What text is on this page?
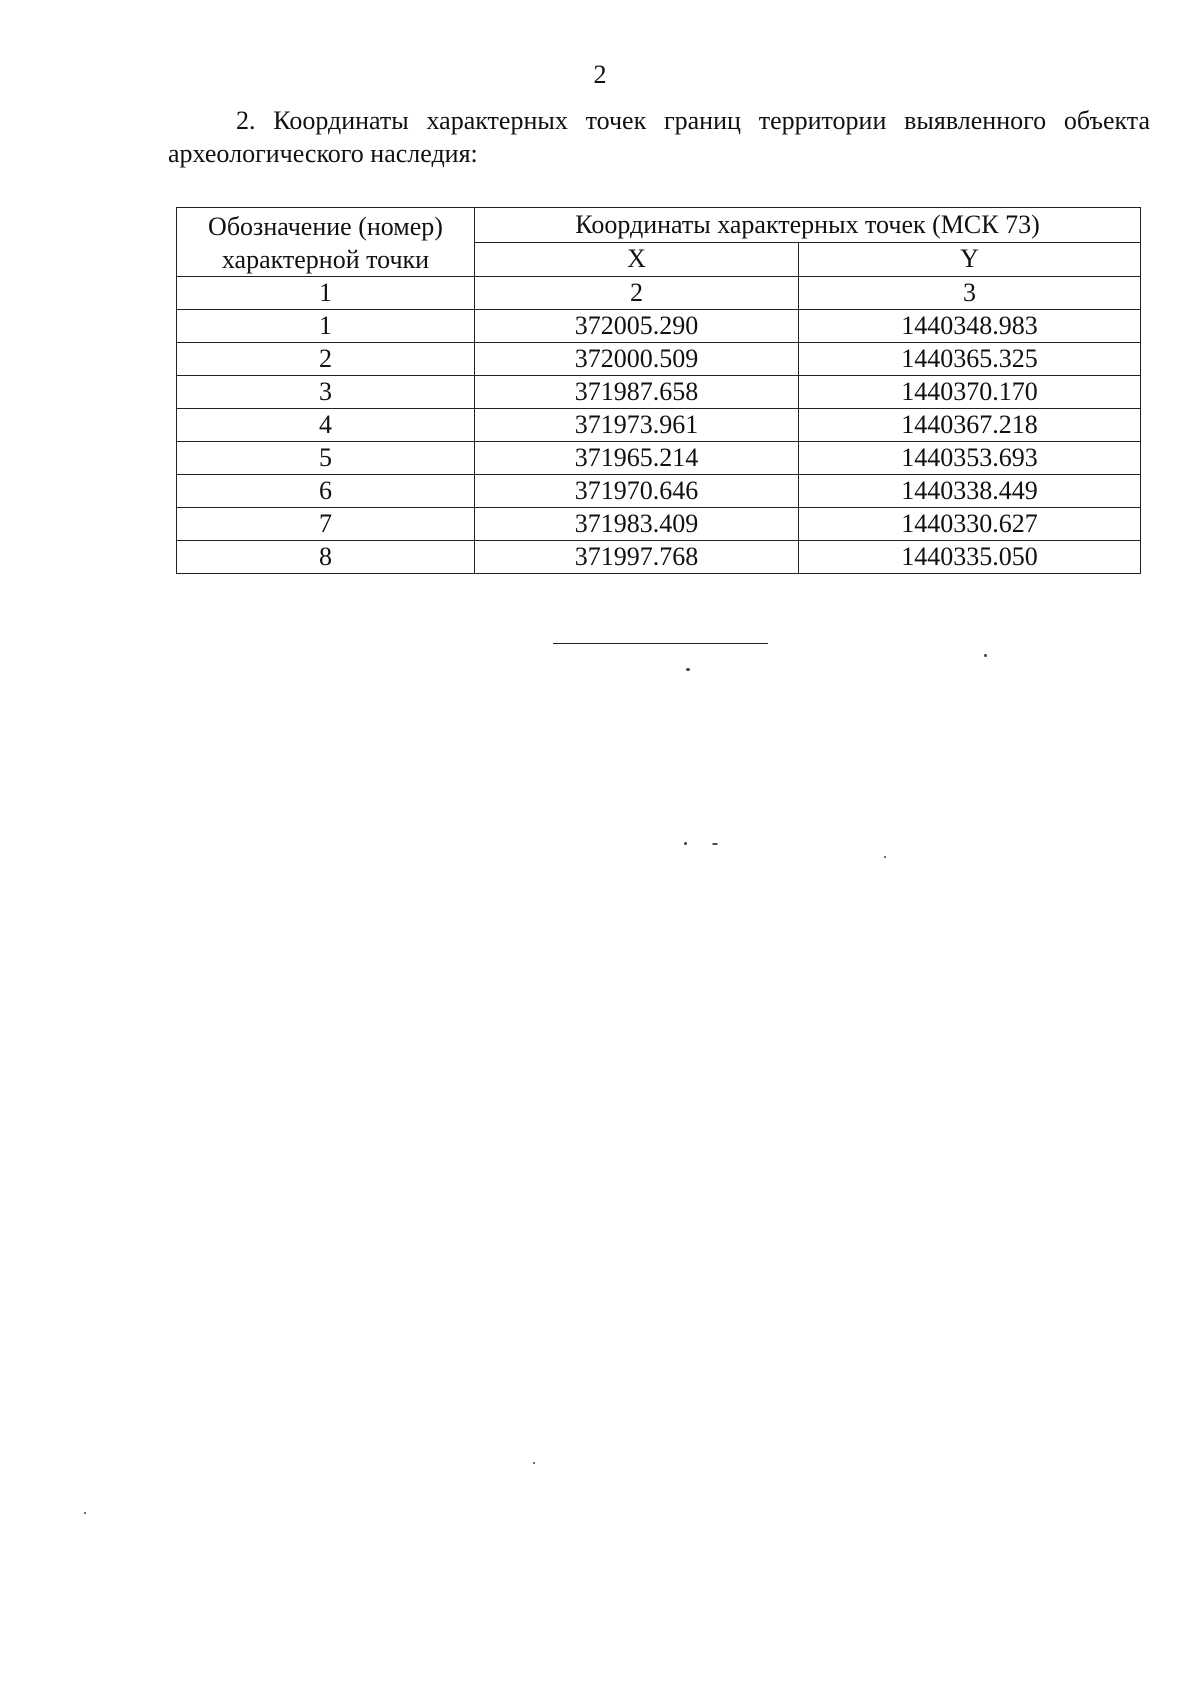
2
2. Координаты характерных точек границ территории выявленного объекта археологического наследия:
Обозначение (номер) характерной точки	Координаты характерных точек (МСК 73)	
	X	Y
1	2	3
1	372005.290	1440348.983
2	372000.509	1440365.325
3	371987.658	1440370.170
4	371973.961	1440367.218
5	371965.214	1440353.693
6	371970.646	1440338.449
7	371983.409	1440330.627
8	371997.768	1440335.050
